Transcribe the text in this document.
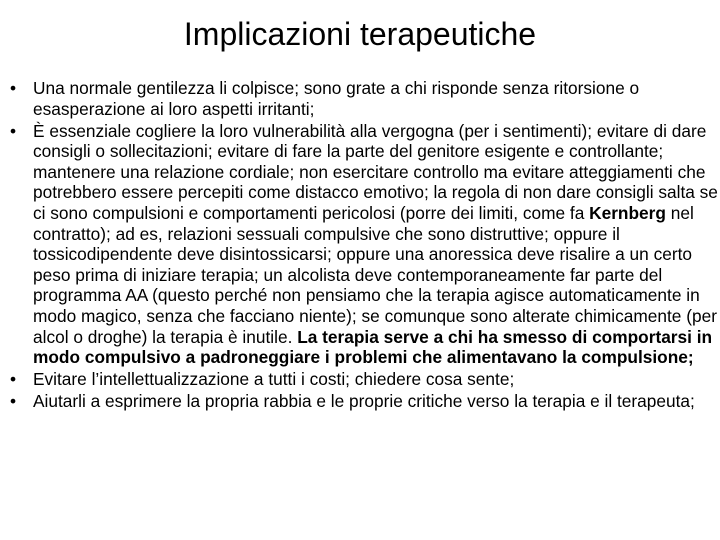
Implicazioni terapeutiche
• Una normale gentilezza li colpisce; sono grate a chi risponde senza ritorsione o esasperazione ai loro aspetti irritanti;
• È essenziale cogliere la loro vulnerabilità alla vergogna (per i sentimenti); evitare di dare consigli o sollecitazioni; evitare di fare la parte del genitore esigente e controllante; mantenere una relazione cordiale; non esercitare controllo ma evitare atteggiamenti che potrebbero essere percepiti come distacco emotivo; la regola di non dare consigli salta se ci sono compulsioni e comportamenti pericolosi (porre dei limiti, come fa Kernberg nel contratto); ad es, relazioni sessuali compulsive che sono distruttive; oppure il tossicodipendente deve disintossicarsi; oppure una anoressica deve risalire a un certo peso prima di iniziare terapia; un alcolista deve contemporaneamente far parte del programma AA (questo perché non pensiamo che la terapia agisce automaticamente in modo magico, senza che facciano niente); se comunque sono alterate chimicamente (per alcol o droghe) la terapia è inutile. La terapia serve a chi ha smesso di comportarsi in modo compulsivo a padroneggiare i problemi che alimentavano la compulsione;
• Evitare l’intellettualizzazione a tutti i costi; chiedere cosa sente;
• Aiutarli a esprimere la propria rabbia e le proprie critiche verso la terapia e il terapeuta;
